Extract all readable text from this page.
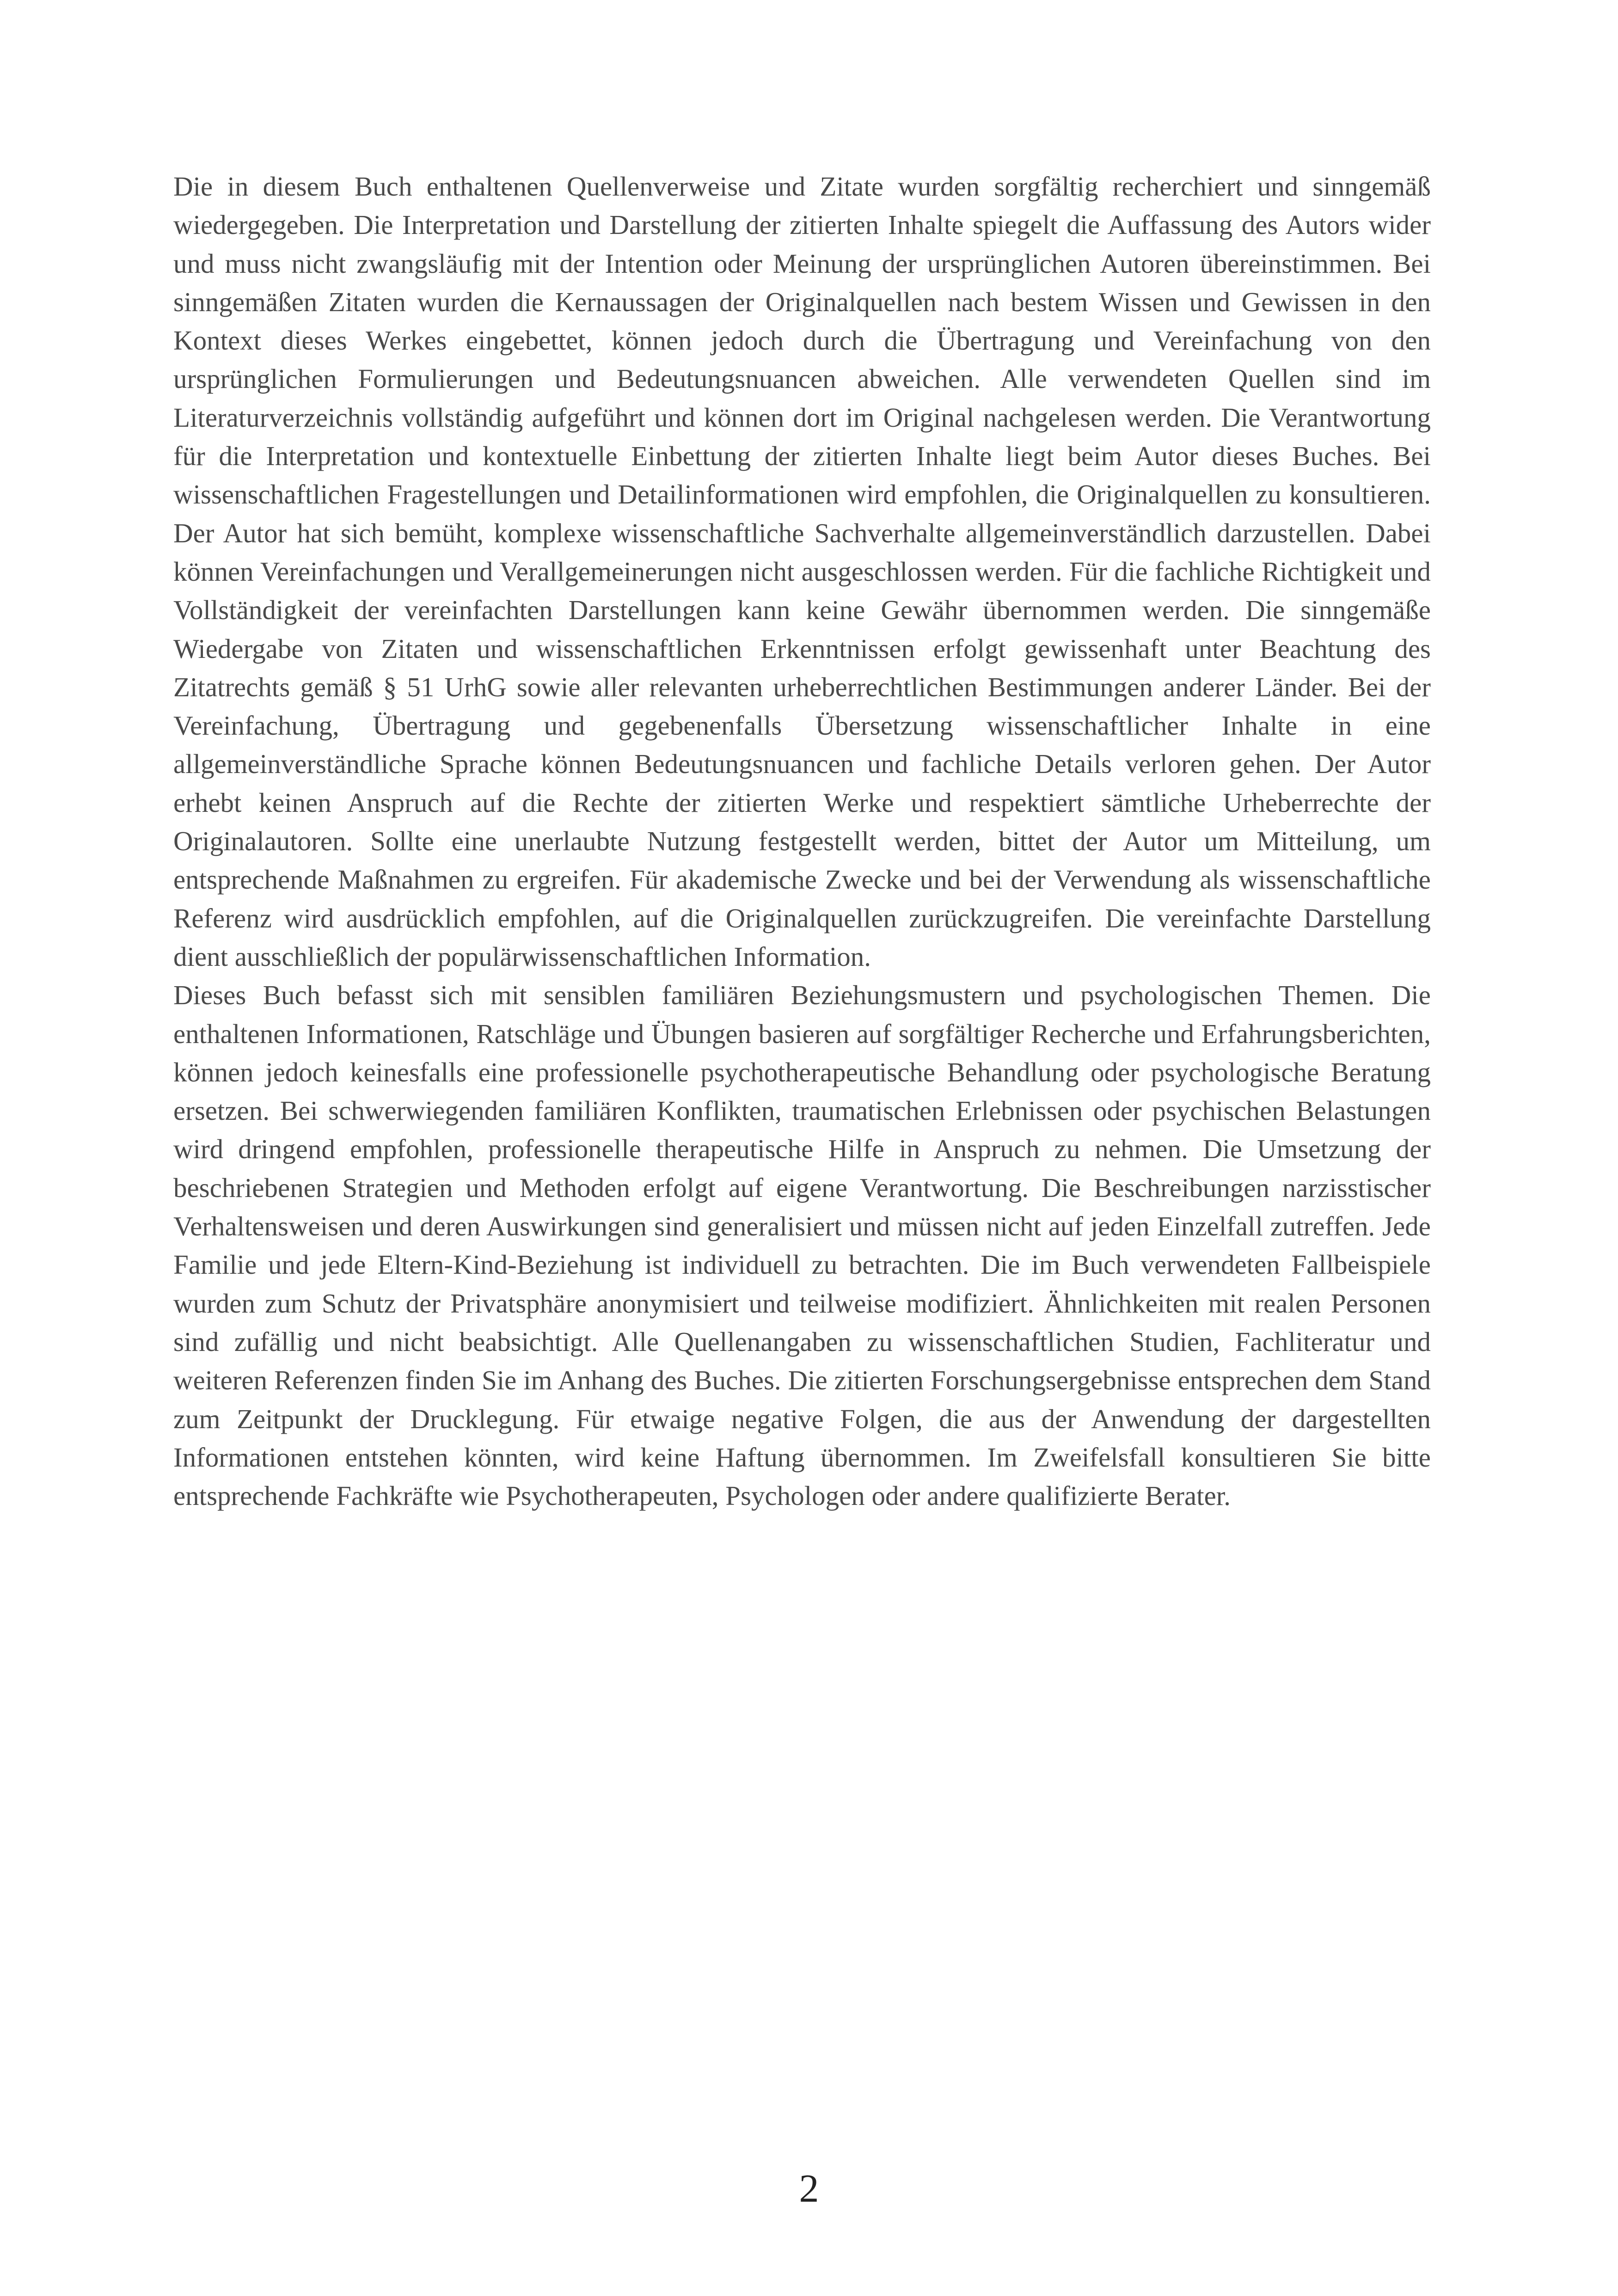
Die in diesem Buch enthaltenen Quellenverweise und Zitate wurden sorgfältig recherchiert und sinngemäß wiedergegeben. Die Interpretation und Darstellung der zitierten Inhalte spiegelt die Auffassung des Autors wider und muss nicht zwangsläufig mit der Intention oder Meinung der ursprünglichen Autoren übereinstimmen. Bei sinngemäßen Zitaten wurden die Kernaussagen der Originalquellen nach bestem Wissen und Gewissen in den Kontext dieses Werkes eingebettet, können jedoch durch die Übertragung und Vereinfachung von den ursprünglichen Formulierungen und Bedeutungsnuancen abweichen. Alle verwendeten Quellen sind im Literaturverzeichnis vollständig aufgeführt und können dort im Original nachgelesen werden. Die Verantwortung für die Interpretation und kontextuelle Einbettung der zitierten Inhalte liegt beim Autor dieses Buches. Bei wissenschaftlichen Fragestellungen und Detailinformationen wird empfohlen, die Originalquellen zu konsultieren. Der Autor hat sich bemüht, komplexe wissenschaftliche Sachverhalte allgemeinverständlich darzustellen. Dabei können Vereinfachungen und Verallgemeinerungen nicht ausgeschlossen werden. Für die fachliche Richtigkeit und Vollständigkeit der vereinfachten Darstellungen kann keine Gewähr übernommen werden. Die sinngemäße Wiedergabe von Zitaten und wissenschaftlichen Erkenntnissen erfolgt gewissenhaft unter Beachtung des Zitatrechts gemäß § 51 UrhG sowie aller relevanten urheberrechtlichen Bestimmungen anderer Länder. Bei der Vereinfachung, Übertragung und gegebenenfalls Übersetzung wissenschaftlicher Inhalte in eine allgemeinverständliche Sprache können Bedeutungsnuancen und fachliche Details verloren gehen. Der Autor erhebt keinen Anspruch auf die Rechte der zitierten Werke und respektiert sämtliche Urheberrechte der Originalautoren. Sollte eine unerlaubte Nutzung festgestellt werden, bittet der Autor um Mitteilung, um entsprechende Maßnahmen zu ergreifen. Für akademische Zwecke und bei der Verwendung als wissenschaftliche Referenz wird ausdrücklich empfohlen, auf die Originalquellen zurückzugreifen. Die vereinfachte Darstellung dient ausschließlich der populärwissenschaftlichen Information.

Dieses Buch befasst sich mit sensiblen familiären Beziehungsmustern und psychologischen Themen. Die enthaltenen Informationen, Ratschläge und Übungen basieren auf sorgfältiger Recherche und Erfahrungsberichten, können jedoch keinesfalls eine professionelle psychotherapeutische Behandlung oder psychologische Beratung ersetzen. Bei schwerwiegenden familiären Konflikten, traumatischen Erlebnissen oder psychischen Belastungen wird dringend empfohlen, professionelle therapeutische Hilfe in Anspruch zu nehmen. Die Umsetzung der beschriebenen Strategien und Methoden erfolgt auf eigene Verantwortung. Die Beschreibungen narzisstischer Verhaltensweisen und deren Auswirkungen sind generalisiert und müssen nicht auf jeden Einzelfall zutreffen. Jede Familie und jede Eltern-Kind-Beziehung ist individuell zu betrachten. Die im Buch verwendeten Fallbeispiele wurden zum Schutz der Privatsphäre anonymisiert und teilweise modifiziert. Ähnlichkeiten mit realen Personen sind zufällig und nicht beabsichtigt. Alle Quellenangaben zu wissenschaftlichen Studien, Fachliteratur und weiteren Referenzen finden Sie im Anhang des Buches. Die zitierten Forschungsergebnisse entsprechen dem Stand zum Zeitpunkt der Drucklegung. Für etwaige negative Folgen, die aus der Anwendung der dargestellten Informationen entstehen könnten, wird keine Haftung übernommen. Im Zweifelsfall konsultieren Sie bitte entsprechende Fachkräfte wie Psychotherapeuten, Psychologen oder andere qualifizierte Berater.

2
